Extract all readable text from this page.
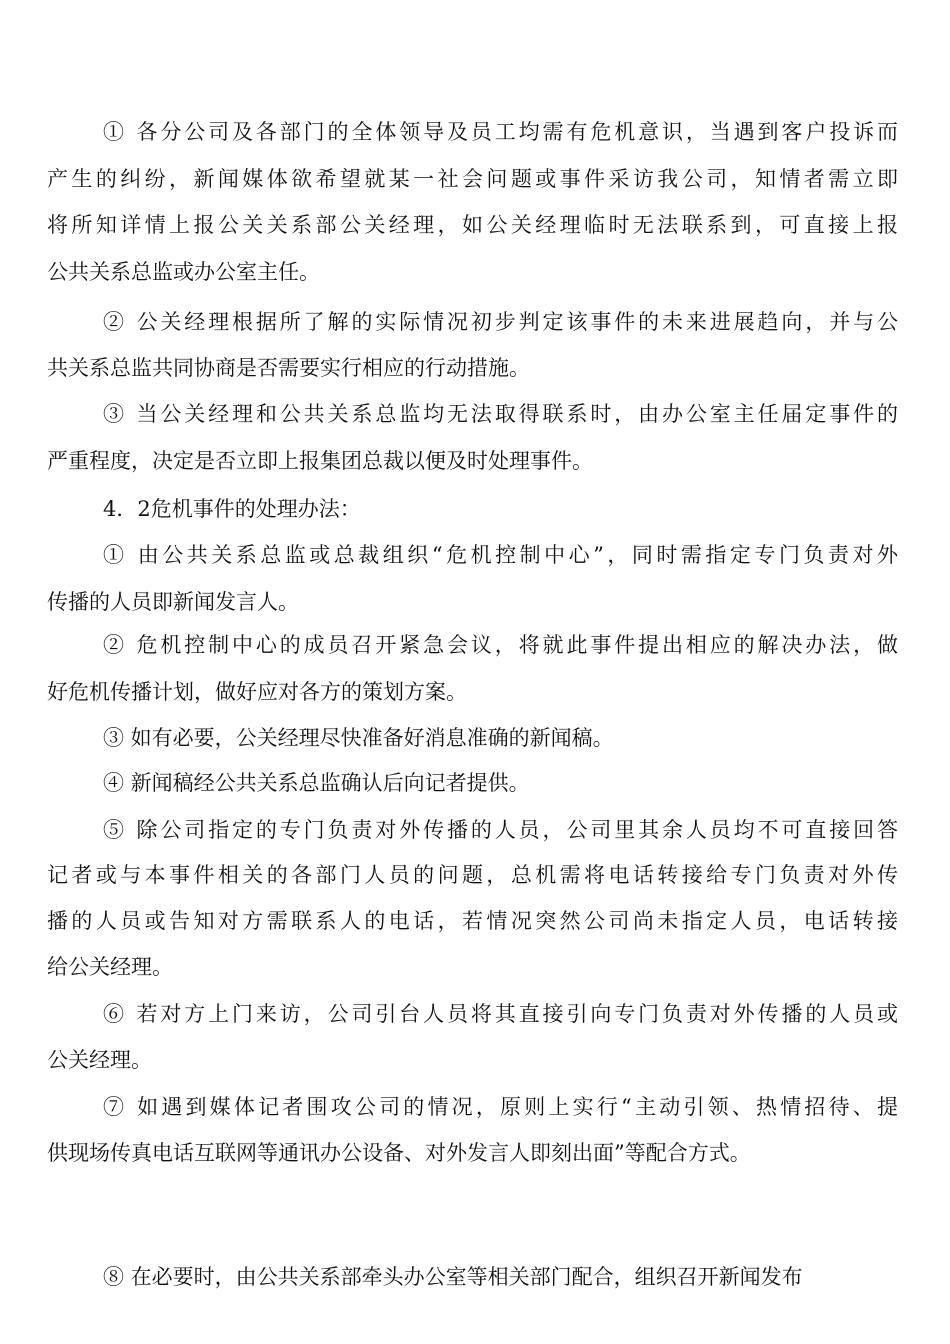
① 各分公司及各部门的全体领导及员工均需有危机意识，当遇到客户投诉而
产生的纠纷，新闻媒体欲希望就某一社会问题或事件采访我公司，知情者需立即
将所知详情上报公关关系部公关经理，如公关经理临时无法联系到，可直接上报
公共关系总监或办公室主任。
② 公关经理根据所了解的实际情况初步判定该事件的未来进展趋向，并与公
共关系总监共同协商是否需要实行相应的行动措施。
③ 当公关经理和公共关系总监均无法取得联系时，由办公室主任届定事件的
严重程度，决定是否立即上报集团总裁以便及时处理事件。
4．2危机事件的处理办法：
① 由公共关系总监或总裁组织“危机控制中心”，同时需指定专门负责对外
传播的人员即新闻发言人。
② 危机控制中心的成员召开紧急会议，将就此事件提出相应的解决办法，做
好危机传播计划，做好应对各方的策划方案。
③ 如有必要，公关经理尽快准备好消息准确的新闻稿。
④ 新闻稿经公共关系总监确认后向记者提供。
⑤ 除公司指定的专门负责对外传播的人员，公司里其余人员均不可直接回答
记者或与本事件相关的各部门人员的问题，总机需将电话转接给专门负责对外传
播的人员或告知对方需联系人的电话，若情况突然公司尚未指定人员，电话转接
给公关经理。
⑥ 若对方上门来访，公司引台人员将其直接引向专门负责对外传播的人员或
公关经理。
⑦ 如遇到媒体记者围攻公司的情况，原则上实行“主动引领、热情招待、提
供现场传真电话互联网等通讯办公设备、对外发言人即刻出面”等配合方式。
⑧ 在必要时，由公共关系部牵头办公室等相关部门配合，组织召开新闻发布
